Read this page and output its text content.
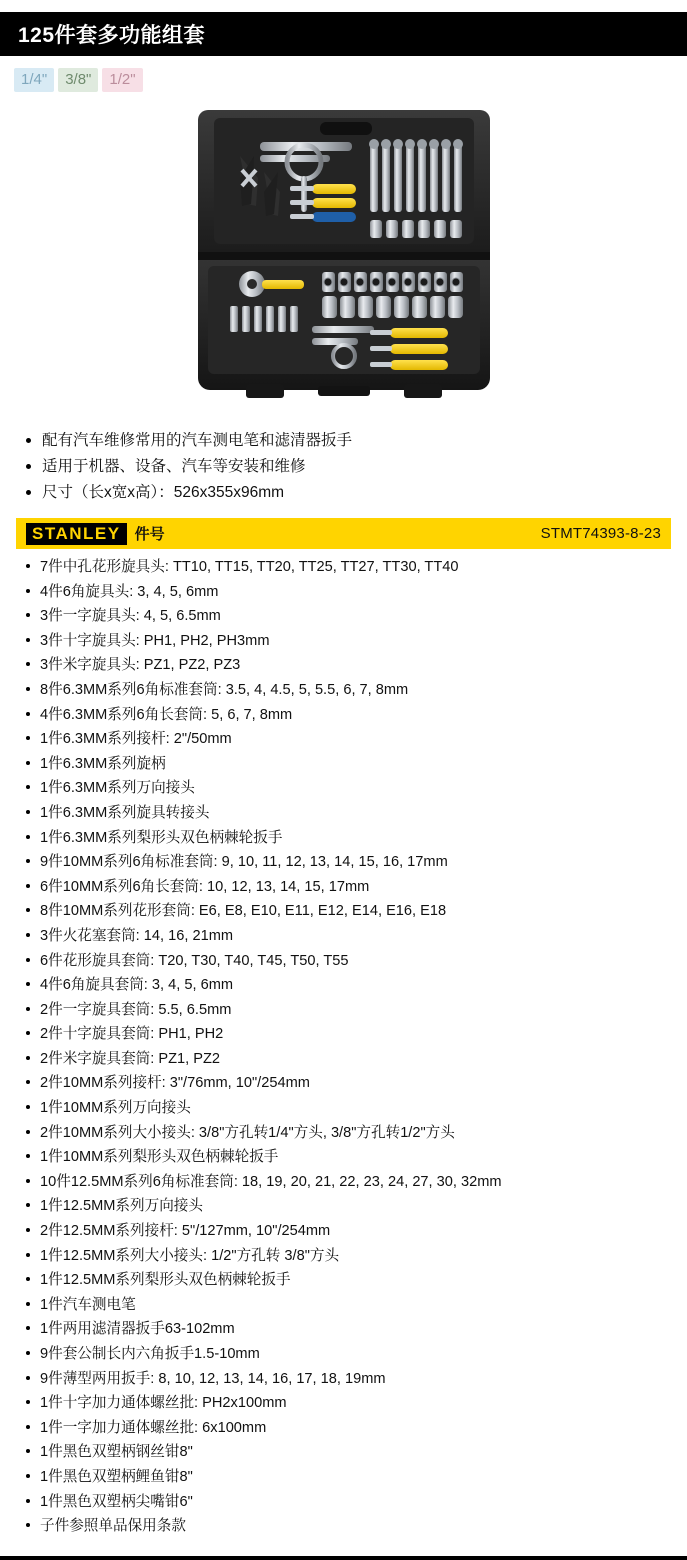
125件套多功能组套
1/4"	3/8"	1/2"
配有汽车维修常用的汽车测电笔和滤清器扳手
适用于机器、设备、汽车等安装和维修
尺寸（长x宽x高）：526x355x96mm
STANLEY 件号	STMT74393-8-23
7件中孔花形旋具头: TT10, TT15, TT20, TT25, TT27, TT30, TT40
4件6角旋具头: 3, 4, 5, 6mm
3件一字旋具头: 4, 5, 6.5mm
3件十字旋具头: PH1, PH2, PH3mm
3件米字旋具头: PZ1, PZ2, PZ3
8件6.3MM系列6角标准套筒: 3.5, 4, 4.5, 5, 5.5, 6, 7, 8mm
4件6.3MM系列6角长套筒: 5, 6, 7, 8mm
1件6.3MM系列接杆: 2"/50mm
1件6.3MM系列旋柄
1件6.3MM系列万向接头
1件6.3MM系列旋具转接头
1件6.3MM系列梨形头双色柄棘轮扳手
9件10MM系列6角标准套筒: 9, 10, 11, 12, 13, 14, 15, 16, 17mm
6件10MM系列6角长套筒: 10, 12, 13, 14, 15, 17mm
8件10MM系列花形套筒: E6, E8, E10, E11, E12, E14, E16, E18
3件火花塞套筒: 14, 16, 21mm
6件花形旋具套筒: T20, T30, T40, T45, T50, T55
4件6角旋具套筒: 3, 4, 5, 6mm
2件一字旋具套筒: 5.5, 6.5mm
2件十字旋具套筒: PH1, PH2
2件米字旋具套筒: PZ1, PZ2
2件10MM系列接杆: 3"/76mm, 10"/254mm
1件10MM系列万向接头
2件10MM系列大小接头: 3/8"方孔转1/4"方头, 3/8"方孔转1/2"方头
1件10MM系列梨形头双色柄棘轮扳手
10件12.5MM系列6角标准套筒: 18, 19, 20, 21, 22, 23, 24, 27, 30, 32mm
1件12.5MM系列万向接头
2件12.5MM系列接杆: 5"/127mm, 10"/254mm
1件12.5MM系列大小接头: 1/2"方孔转 3/8"方头
1件12.5MM系列梨形头双色柄棘轮扳手
1件汽车测电笔
1件两用滤清器扳手63-102mm
9件套公制长内六角扳手1.5-10mm
9件薄型两用扳手: 8, 10, 12, 13, 14, 16, 17, 18, 19mm
1件十字加力通体螺丝批: PH2x100mm
1件一字加力通体螺丝批: 6x100mm
1件黑色双塑柄钢丝钳8"
1件黑色双塑柄鲤鱼钳8"
1件黑色双塑柄尖嘴钳6"
子件参照单品保用条款
